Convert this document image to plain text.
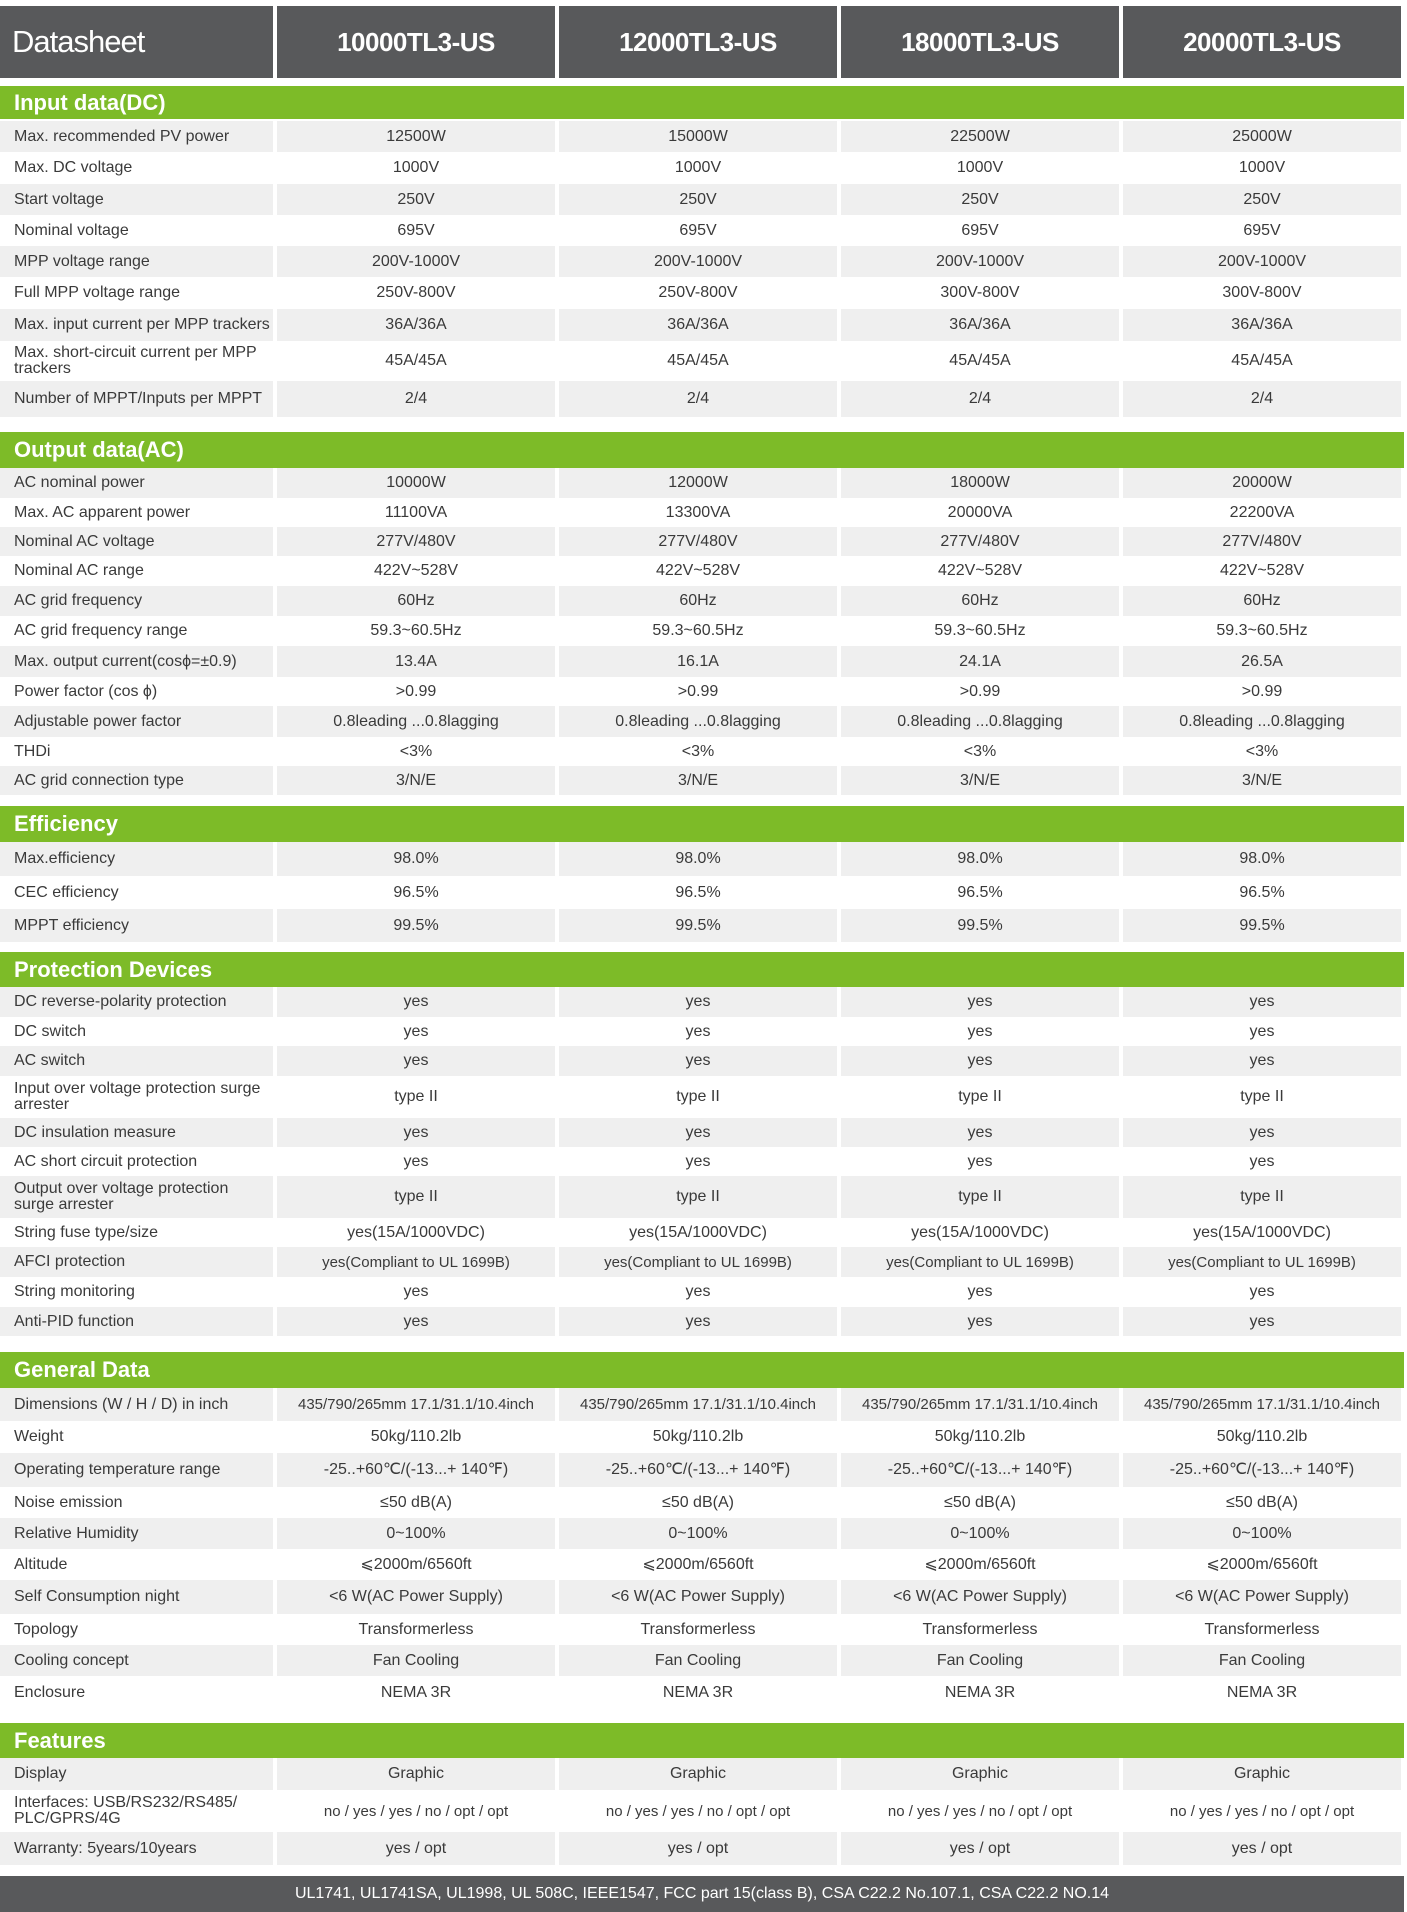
Datasheet	10000TL3-US	12000TL3-US	18000TL3-US	20000TL3-US
Input data(DC)
Max. recommended PV power	12500W	15000W	22500W	25000W
Max. DC voltage	1000V	1000V	1000V	1000V
Start voltage	250V	250V	250V	250V
Nominal voltage	695V	695V	695V	695V
MPP voltage range	200V-1000V	200V-1000V	200V-1000V	200V-1000V
Full MPP voltage range	250V-800V	250V-800V	300V-800V	300V-800V
Max. input current per MPP trackers	36A/36A	36A/36A	36A/36A	36A/36A
Max. short-circuit current per MPP trackers	45A/45A	45A/45A	45A/45A	45A/45A
Number of MPPT/Inputs per MPPT	2/4	2/4	2/4	2/4
Output data(AC)
AC nominal power	10000W	12000W	18000W	20000W
Max. AC apparent power	11100VA	13300VA	20000VA	22200VA
Nominal AC voltage	277V/480V	277V/480V	277V/480V	277V/480V
Nominal AC range	422V~528V	422V~528V	422V~528V	422V~528V
AC grid frequency	60Hz	60Hz	60Hz	60Hz
AC grid frequency range	59.3~60.5Hz	59.3~60.5Hz	59.3~60.5Hz	59.3~60.5Hz
Max. output current(cosϕ=±0.9)	13.4A	16.1A	24.1A	26.5A
Power factor (cos ϕ)	>0.99	>0.99	>0.99	>0.99
Adjustable power factor	0.8leading ...0.8lagging	0.8leading ...0.8lagging	0.8leading ...0.8lagging	0.8leading ...0.8lagging
THDi	<3%	<3%	<3%	<3%
AC grid connection type	3/N/E	3/N/E	3/N/E	3/N/E
Efficiency
Max.efficiency	98.0%	98.0%	98.0%	98.0%
CEC efficiency	96.5%	96.5%	96.5%	96.5%
MPPT efficiency	99.5%	99.5%	99.5%	99.5%
Protection Devices
DC reverse-polarity protection	yes	yes	yes	yes
DC switch	yes	yes	yes	yes
AC switch	yes	yes	yes	yes
Input over voltage protection surge arrester	type II	type II	type II	type II
DC insulation measure	yes	yes	yes	yes
AC short circuit protection	yes	yes	yes	yes
Output over voltage protection surge arrester	type II	type II	type II	type II
String fuse type/size	yes(15A/1000VDC)	yes(15A/1000VDC)	yes(15A/1000VDC)	yes(15A/1000VDC)
AFCI protection	yes(Compliant to UL 1699B)	yes(Compliant to UL 1699B)	yes(Compliant to UL 1699B)	yes(Compliant to UL 1699B)
String monitoring	yes	yes	yes	yes
Anti-PID function	yes	yes	yes	yes
General Data
Dimensions (W / H / D) in inch	435/790/265mm 17.1/31.1/10.4inch	435/790/265mm 17.1/31.1/10.4inch	435/790/265mm 17.1/31.1/10.4inch	435/790/265mm 17.1/31.1/10.4inch
Weight	50kg/110.2lb	50kg/110.2lb	50kg/110.2lb	50kg/110.2lb
Operating temperature range	-25..+60℃/(-13...+ 140℉)	-25..+60℃/(-13...+ 140℉)	-25..+60℃/(-13...+ 140℉)	-25..+60℃/(-13...+ 140℉)
Noise emission	≤50 dB(A)	≤50 dB(A)	≤50 dB(A)	≤50 dB(A)
Relative Humidity	0~100%	0~100%	0~100%	0~100%
Altitude	⩽2000m/6560ft	⩽2000m/6560ft	⩽2000m/6560ft	⩽2000m/6560ft
Self Consumption night	<6 W(AC Power Supply)	<6 W(AC Power Supply)	<6 W(AC Power Supply)	<6 W(AC Power Supply)
Topology	Transformerless	Transformerless	Transformerless	Transformerless
Cooling concept	Fan Cooling	Fan Cooling	Fan Cooling	Fan Cooling
Enclosure	NEMA 3R	NEMA 3R	NEMA 3R	NEMA 3R
Features
Display	Graphic	Graphic	Graphic	Graphic
Interfaces: USB/RS232/RS485/ PLC/GPRS/4G	no / yes / yes / no / opt / opt	no / yes / yes / no / opt / opt	no / yes / yes / no / opt / opt	no / yes / yes / no / opt / opt
Warranty: 5years/10years	yes / opt	yes / opt	yes / opt	yes / opt
UL1741, UL1741SA, UL1998, UL 508C, IEEE1547, FCC part 15(class B), CSA C22.2 No.107.1, CSA C22.2 NO.14
